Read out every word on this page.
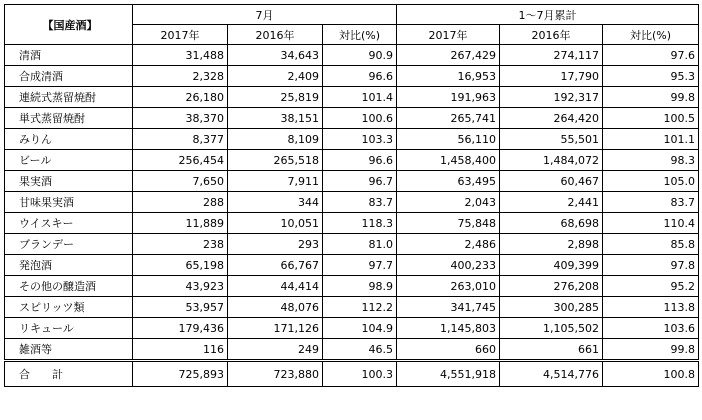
【国産酒】	7月			1～7月累計		
	2017年	2016年	対比(%)	2017年	2016年	対比(%)
清酒	31,488	34,643	90.9	267,429	274,117	97.6
合成清酒	2,328	2,409	96.6	16,953	17,790	95.3
連続式蒸留焼酎	26,180	25,819	101.4	191,963	192,317	99.8
単式蒸留焼酎	38,370	38,151	100.6	265,741	264,420	100.5
みりん	8,377	8,109	103.3	56,110	55,501	101.1
ビール	256,454	265,518	96.6	1,458,400	1,484,072	98.3
果実酒	7,650	7,911	96.7	63,495	60,467	105.0
甘味果実酒	288	344	83.7	2,043	2,441	83.7
ウイスキー	11,889	10,051	118.3	75,848	68,698	110.4
ブランデー	238	293	81.0	2,486	2,898	85.8
発泡酒	65,198	66,767	97.7	400,233	409,399	97.8
その他の醸造酒	43,923	44,414	98.9	263,010	276,208	95.2
スピリッツ類	53,957	48,076	112.2	341,745	300,285	113.8
リキュール	179,436	171,126	104.9	1,145,803	1,105,502	103.6
雑酒等	116	249	46.5	660	661	99.8
合　　計	725,893	723,880	100.3	4,551,918	4,514,776	100.8
